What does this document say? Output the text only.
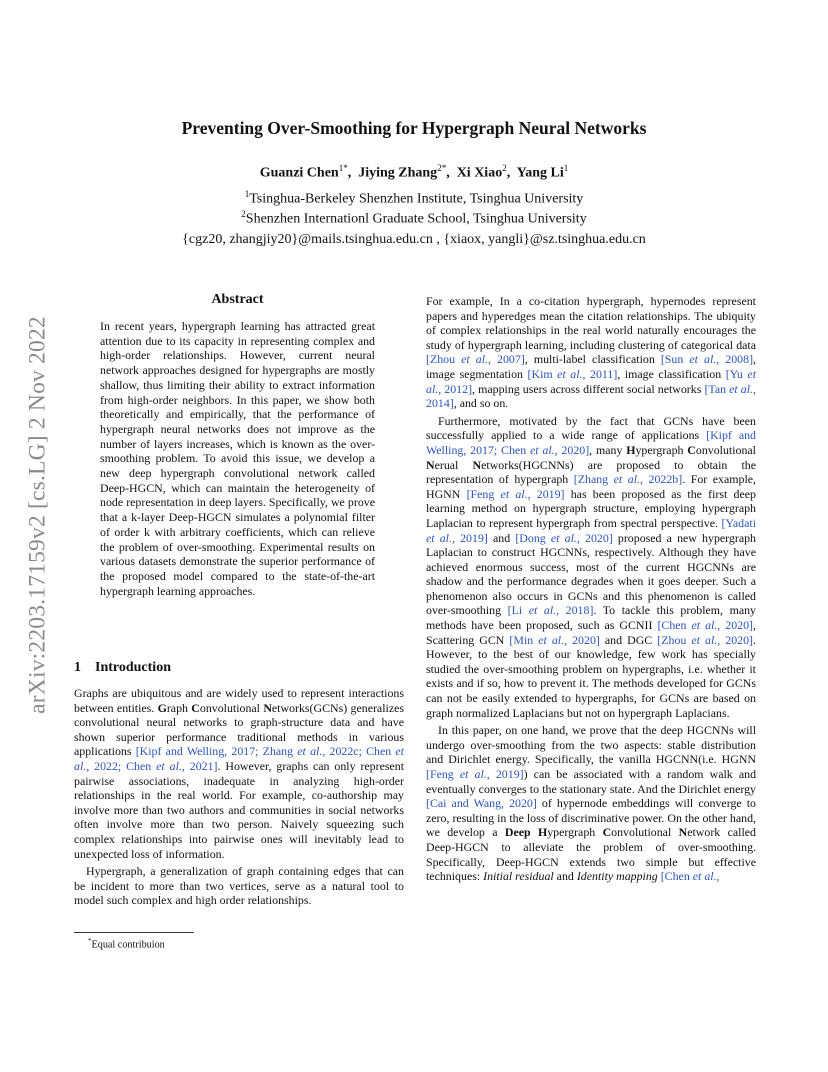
arXiv:2203.17159v2 [cs.LG] 2 Nov 2022
Preventing Over-Smoothing for Hypergraph Neural Networks
Guanzi Chen$^{1*}$,  Jiying Zhang$^{2*}$,  Xi Xiao$^2$,  Yang Li$^1$
$^1$Tsinghua-Berkeley Shenzhen Institute, Tsinghua University
$^2$Shenzhen Internationl Graduate School, Tsinghua University
{cgz20, zhangjiy20}@mails.tsinghua.edu.cn , {xiaox, yangli}@sz.tsinghua.edu.cn
Abstract
In recent years, hypergraph learning has attracted great attention due to its capacity in representing complex and high-order relationships. However, current neural network approaches designed for hypergraphs are mostly shallow, thus limiting their ability to extract information from high-order neighbors. In this paper, we show both theoretically and empirically, that the performance of hypergraph neural networks does not improve as the number of layers increases, which is known as the over-smoothing problem. To avoid this issue, we develop a new deep hypergraph convolutional network called Deep-HGCN, which can maintain the heterogeneity of node representation in deep layers. Specifically, we prove that a k-layer Deep-HGCN simulates a polynomial filter of order k with arbitrary coefficients, which can relieve the problem of over-smoothing. Experimental results on various datasets demonstrate the superior performance of the proposed model compared to the state-of-the-art hypergraph learning approaches.
1 Introduction

Graphs are ubiquitous and are widely used to represent interactions between entities. Graph Convolutional Networks(GCNs) generalizes convolutional neural networks to graph-structure data and have shown superior performance traditional methods in various applications [Kipf and Welling, 2017; Zhang et al., 2022c; Chen et al., 2022; Chen et al., 2021]. However, graphs can only represent pairwise associations, inadequate in analyzing high-order relationships in the real world. For example, co-authorship may involve more than two authors and communities in social networks often involve more than two person. Naively squeezing such complex relationships into pairwise ones will inevitably lead to unexpected loss of information.

Hypergraph, a generalization of graph containing edges that can be incident to more than two vertices, serve as a natural tool to model such complex and high order relationships.

For example, In a co-citation hypergraph, hypernodes represent papers and hyperedges mean the citation relationships. The ubiquity of complex relationships in the real world naturally encourages the study of hypergraph learning, including clustering of categorical data [Zhou et al., 2007], multi-label classification [Sun et al., 2008], image segmentation [Kim et al., 2011], image classification [Yu et al., 2012], mapping users across different social networks [Tan et al., 2014], and so on.

Furthermore, motivated by the fact that GCNs have been successfully applied to a wide range of applications [Kipf and Welling, 2017; Chen et al., 2020], many Hypergraph Convolutional Nerual Networks(HGCNNs) are proposed to obtain the representation of hypergraph [Zhang et al., 2022b]. For example, HGNN [Feng et al., 2019] has been proposed as the first deep learning method on hypergraph structure, employing hypergraph Laplacian to represent hypergraph from spectral perspective. [Yadati et al., 2019] and [Dong et al., 2020] proposed a new hypergraph Laplacian to construct HGCNNs, respectively. Although they have achieved enormous success, most of the current HGCNNs are shadow and the performance degrades when it goes deeper. Such a phenomenon also occurs in GCNs and this phenomenon is called over-smoothing [Li et al., 2018]. To tackle this problem, many methods have been proposed, such as GCNII [Chen et al., 2020], Scattering GCN [Min et al., 2020] and DGC [Zhou et al., 2020]. However, to the best of our knowledge, few work has specially studied the over-smoothing problem on hypergraphs, i.e. whether it exists and if so, how to prevent it. The methods developed for GCNs can not be easily extended to hypergraphs, for GCNs are based on graph normalized Laplacians but not on hypergraph Laplacians.

In this paper, on one hand, we prove that the deep HGCNNs will undergo over-smoothing from the two aspects: stable distribution and Dirichlet energy. Specifically, the vanilla HGCNN(i.e. HGNN [Feng et al., 2019]) can be associated with a random walk and eventually converges to the stationary state. And the Dirichlet energy [Cai and Wang, 2020] of hypernode embeddings will converge to zero, resulting in the loss of discriminative power. On the other hand, we develop a Deep Hypergraph Convolutional Network called Deep-HGCN to alleviate the problem of over-smoothing. Specifically, Deep-HGCN extends two simple but effective techniques: Initial residual and Identity mapping [Chen et al.,

*Equal contribuion
